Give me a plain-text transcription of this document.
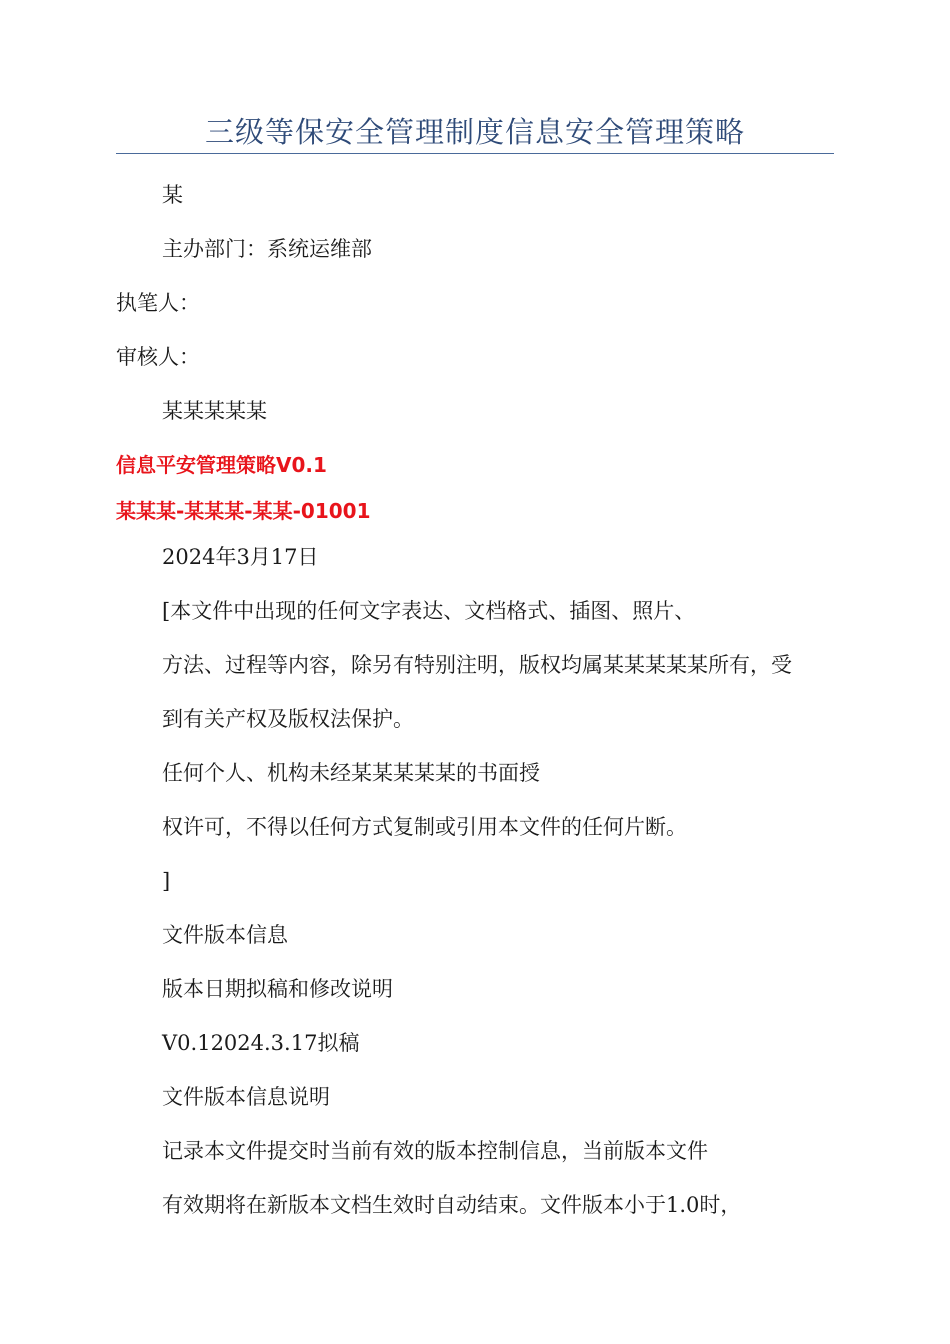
三级等保安全管理制度信息安全管理策略
某
主办部门：系统运维部
执笔人：
审核人：
某某某某某
信息平安管理策略V0.1
某某某-某某某-某某-01001
2024年3月17日
[本文件中出现的任何文字表达、文档格式、插图、照片、
方法、过程等内容，除另有特别注明，版权均属某某某某某所有，受
到有关产权及版权法保护。
任何个人、机构未经某某某某某的书面授
权许可，不得以任何方式复制或引用本文件的任何片断。
]
文件版本信息
版本日期拟稿和修改说明
V0.12024.3.17拟稿
文件版本信息说明
记录本文件提交时当前有效的版本控制信息，当前版本文件
有效期将在新版本文档生效时自动结束。文件版本小于1.0时，
